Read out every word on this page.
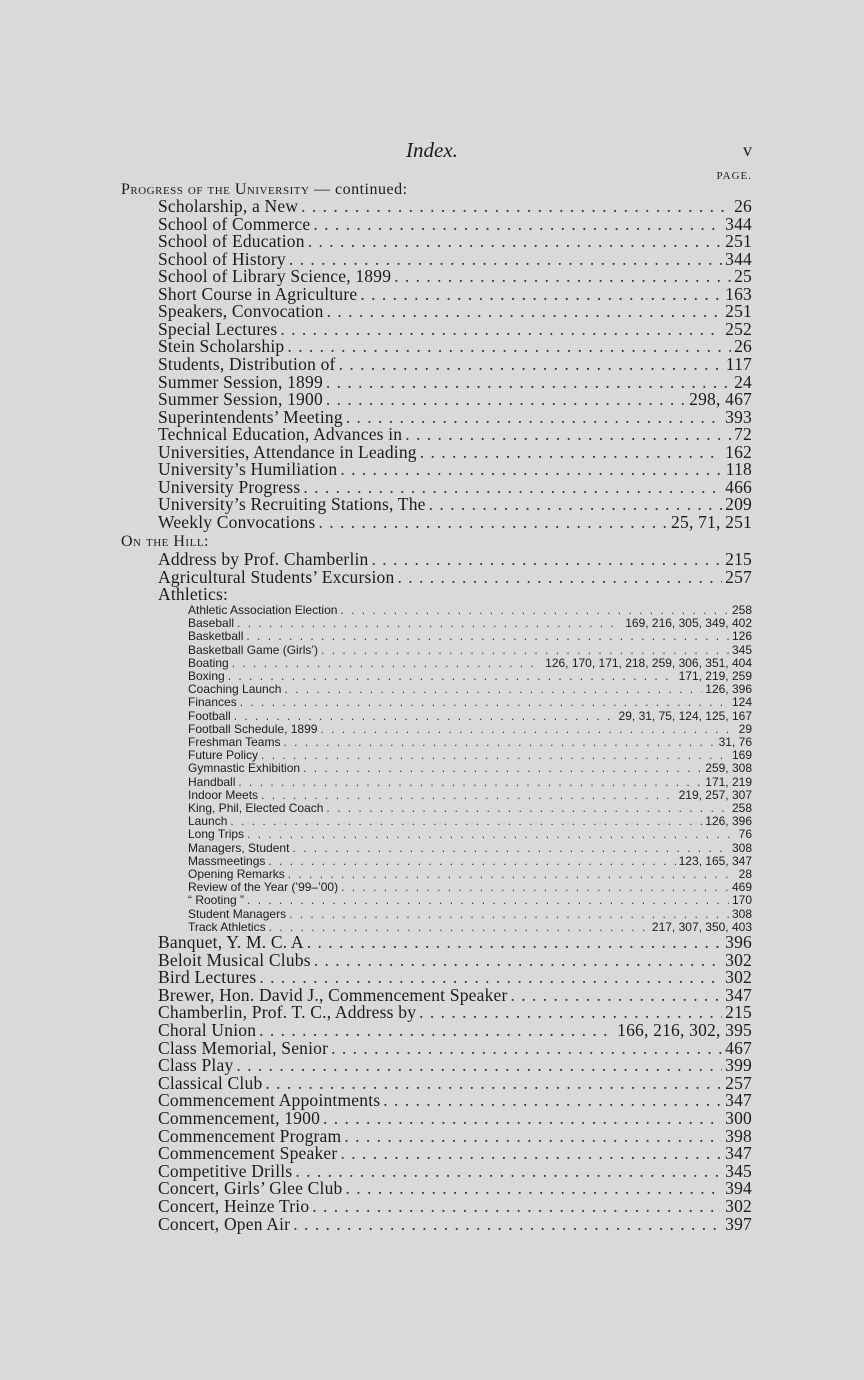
Index.	v
PAGE.
Progress of the University — continued:
Scholarship, a New . . .	26
School of Commerce . . .	344
School of Education . . .	251
School of History . . .	344
School of Library Science, 1899 . . .	25
Short Course in Agriculture . . .	163
Speakers, Convocation . . .	251
Special Lectures . . .	252
Stein Scholarship . . .	26
Students, Distribution of . . .	117
Summer Session, 1899 . . .	24
Summer Session, 1900 . . .	298, 467
Superintendents’ Meeting . . .	393
Technical Education, Advances in . . .	72
Universities, Attendance in Leading . . .	162
University’s Humiliation . . .	118
University Progress . . .	466
University’s Recruiting Stations, The . . .	209
Weekly Convocations . . .	25, 71, 251
On the Hill:
Address by Prof. Chamberlin . . .	215
Agricultural Students’ Excursion . . .	257
Athletics:
Athletic Association Election . . .	258
Baseball . . .	169, 216, 305, 349, 402
Basketball . . .	126
Basketball Game (Girls’) . . .	345
Boating . . .	126, 170, 171, 218, 259, 306, 351, 404
Boxing . . .	171, 219, 259
Coaching Launch . . .	126, 396
Finances . . .	124
Football . . .	29, 31, 75, 124, 125, 167
Football Schedule, 1899 . . .	29
Freshman Teams . . .	31, 76
Future Policy . . .	169
Gymnastic Exhibition . . .	259, 308
Handball . . .	171, 219
Indoor Meets . . .	219, 257, 307
King, Phil, Elected Coach . . .	258
Launch . . .	126, 396
Long Trips . . .	76
Managers, Student . . .	308
Massmeetings . . .	123, 165, 347
Opening Remarks . . .	28
Review of the Year (’99–’00) . . .	469
“ Rooting ” . . .	170
Student Managers . . .	308
Track Athletics . . .	217, 307, 350, 403
Banquet, Y. M. C. A . . .	396
Beloit Musical Clubs . . .	302
Bird Lectures . . .	302
Brewer, Hon. David J., Commencement Speaker . . .	347
Chamberlin, Prof. T. C., Address by . . .	215
Choral Union . . .	166, 216, 302, 395
Class Memorial, Senior . . .	467
Class Play . . .	399
Classical Club . . .	257
Commencement Appointments . . .	347
Commencement, 1900 . . .	300
Commencement Program . . .	398
Commencement Speaker . . .	347
Competitive Drills . . .	345
Concert, Girls’ Glee Club . . .	394
Concert, Heinze Trio . . .	302
Concert, Open Air . . .	397
